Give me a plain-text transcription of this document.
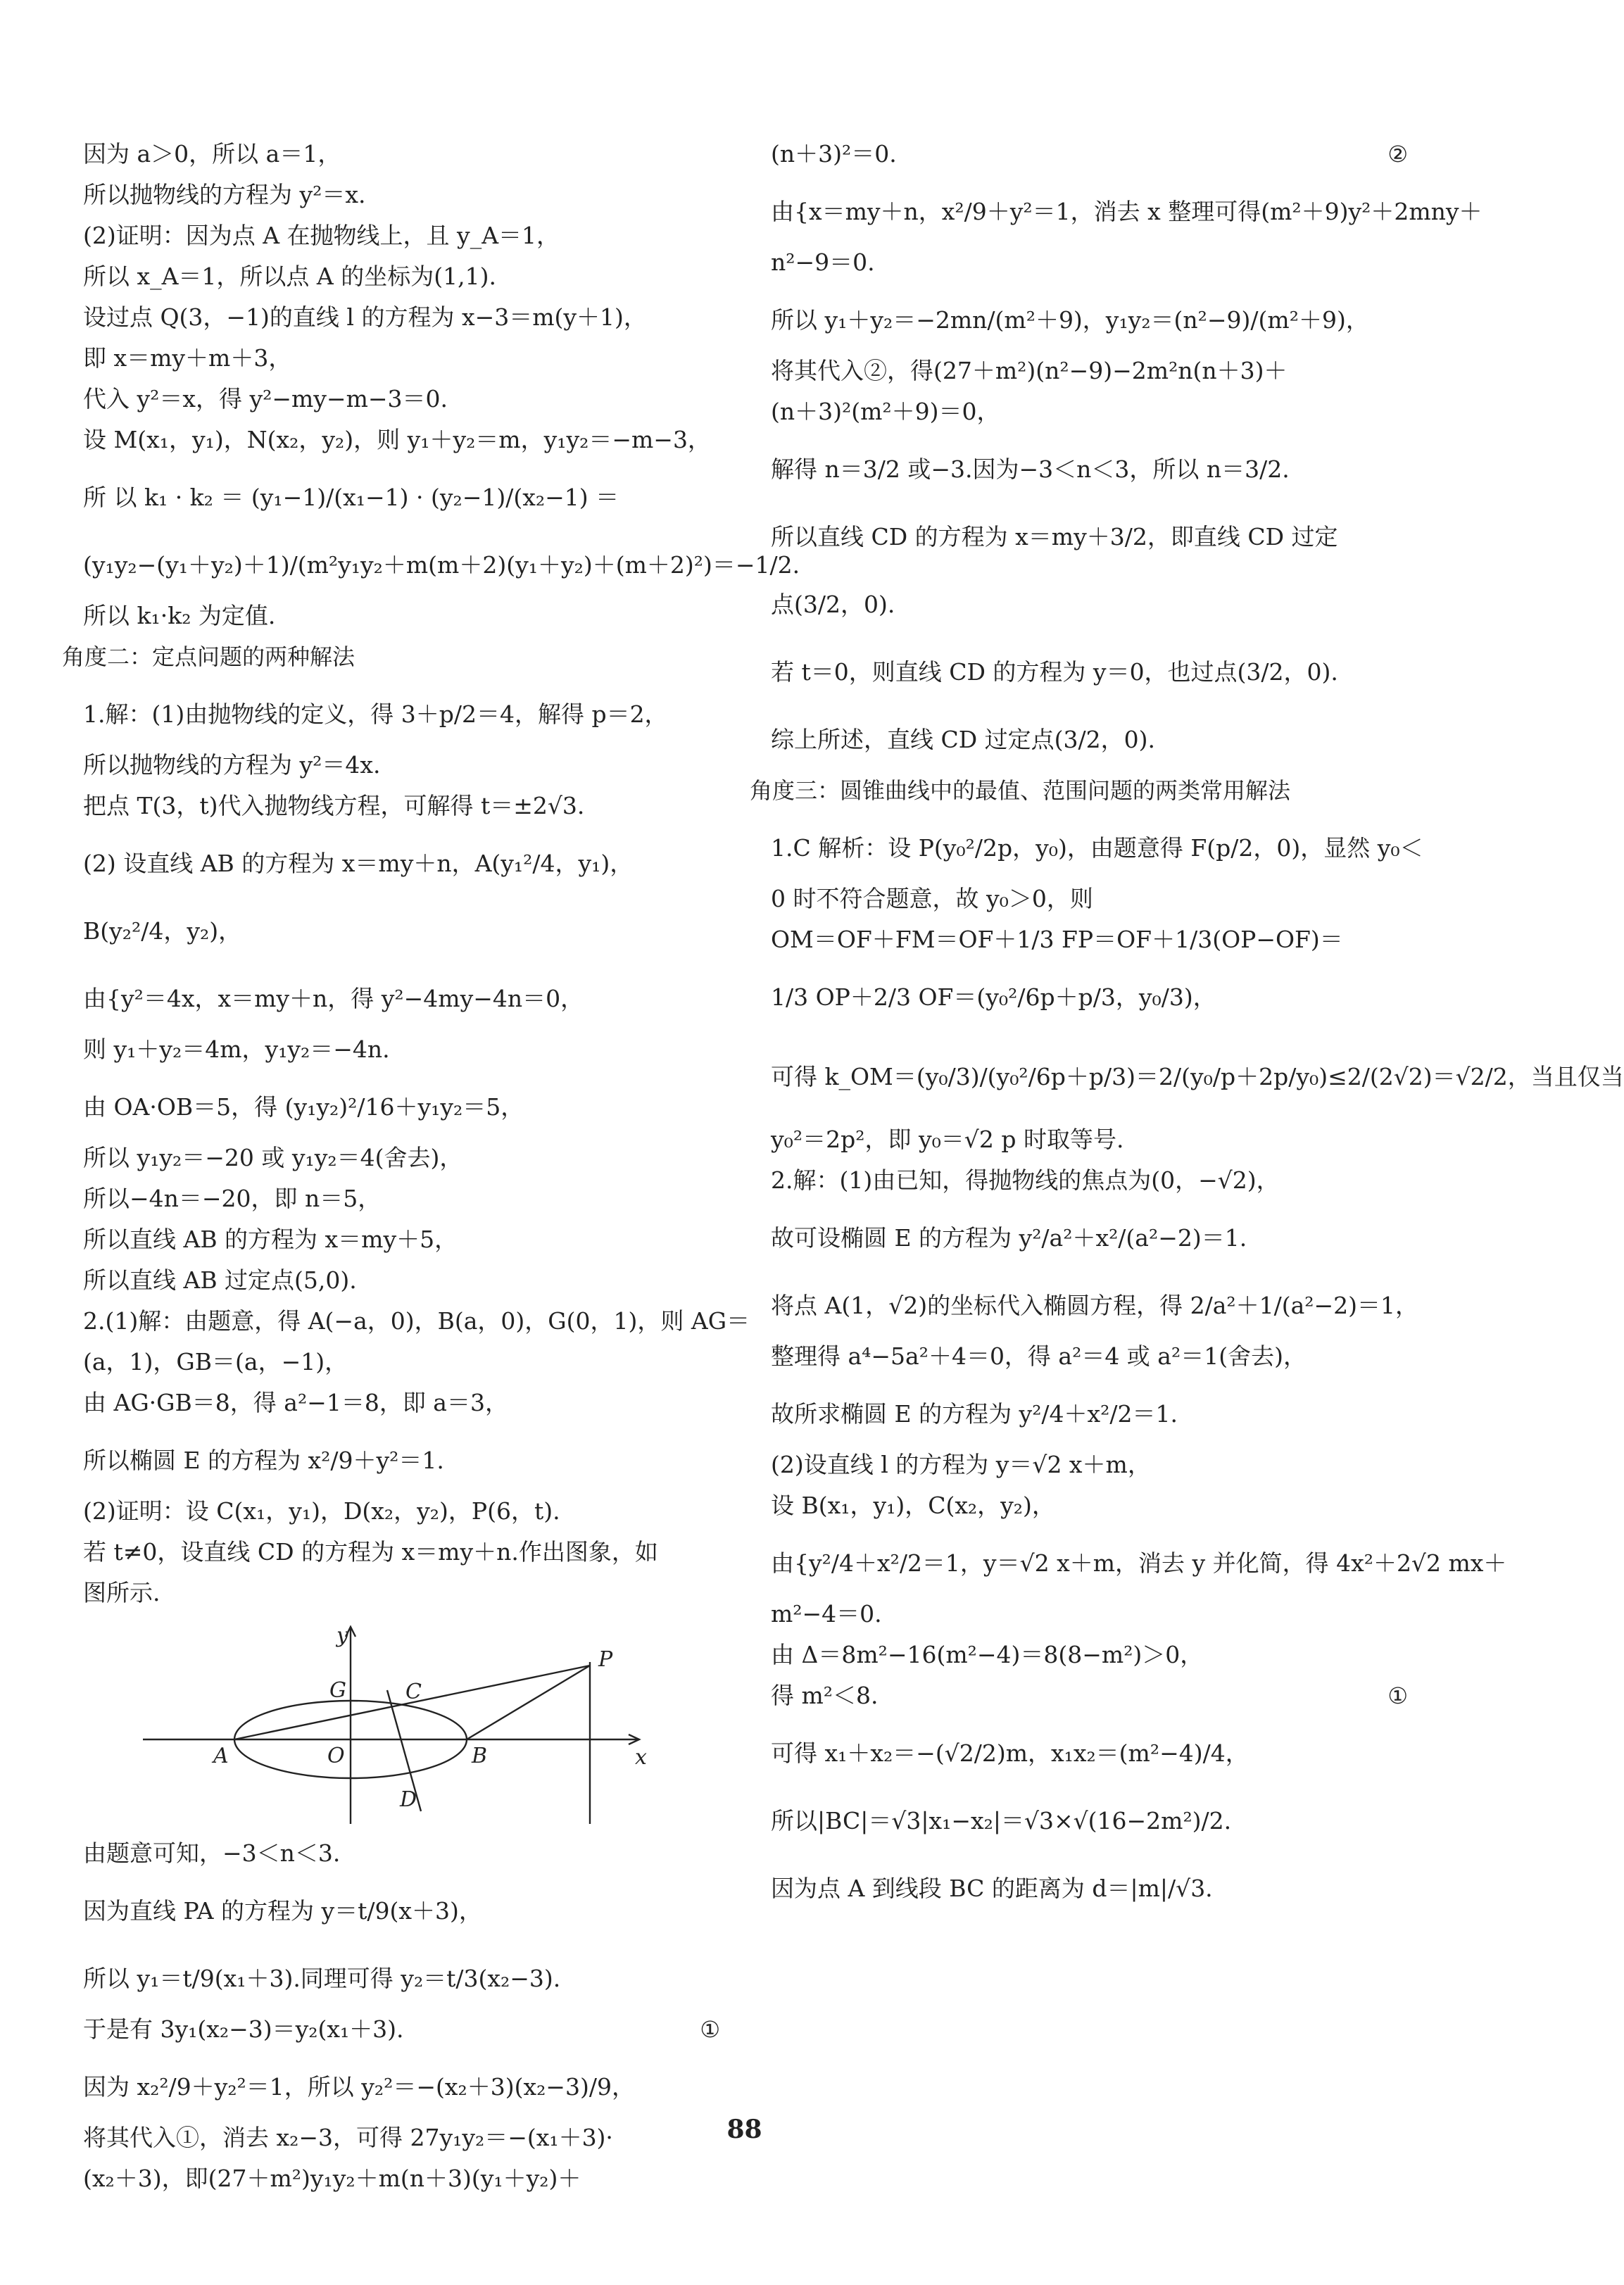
因为 a＞0，所以 a＝1，
所以抛物线的方程为 y²＝x.
(2)证明：因为点 A 在抛物线上，且 y_A＝1，
所以 x_A＝1，所以点 A 的坐标为(1,1).
设过点 Q(3，−1)的直线 l 的方程为 x−3＝m(y＋1)，
即 x＝my＋m＋3，
代入 y²＝x，得 y²−my−m−3＝0.
设 M(x₁，y₁)，N(x₂，y₂)，则 y₁＋y₂＝m，y₁y₂＝−m−3，
所 以 k₁ · k₂ ＝ (y₁−1)/(x₁−1) · (y₂−1)/(x₂−1) ＝
(y₁y₂−(y₁＋y₂)＋1)/(m²y₁y₂＋m(m＋2)(y₁＋y₂)＋(m＋2)²)＝−1/2.
所以 k₁·k₂ 为定值.
角度二：定点问题的两种解法
1.解：(1)由抛物线的定义，得 3＋p/2＝4，解得 p＝2，
所以抛物线的方程为 y²＝4x.
把点 T(3，t)代入抛物线方程，可解得 t＝±2√3.
(2) 设直线 AB 的方程为 x＝my＋n，A(y₁²/4，y₁)，
B(y₂²/4，y₂)，
由{y²＝4x，x＝my＋n，得 y²−4my−4n＝0，
则 y₁＋y₂＝4m，y₁y₂＝−4n.
由 OA·OB＝5，得 (y₁y₂)²/16＋y₁y₂＝5，
所以 y₁y₂＝−20 或 y₁y₂＝4(舍去)，
所以−4n＝−20，即 n＝5，
所以直线 AB 的方程为 x＝my＋5，
所以直线 AB 过定点(5,0).
2.(1)解：由题意，得 A(−a，0)，B(a，0)，G(0，1)，则 AG＝
(a，1)，GB＝(a，−1)，
由 AG·GB＝8，得 a²−1＝8，即 a＝3，
所以椭圆 E 的方程为 x²/9＋y²＝1.
(2)证明：设 C(x₁，y₁)，D(x₂，y₂)，P(6，t).
若 t≠0，设直线 CD 的方程为 x＝my＋n.作出图象，如
图所示.
y
G	C
P
A	O	B	x
D
由题意可知，−3＜n＜3.
因为直线 PA 的方程为 y＝t/9(x＋3)，
所以 y₁＝t/9(x₁＋3).同理可得 y₂＝t/3(x₂−3).
于是有 3y₁(x₂−3)＝y₂(x₁＋3).	①
因为 x₂²/9＋y₂²＝1，所以 y₂²＝−(x₂＋3)(x₂−3)/9，
将其代入①，消去 x₂−3，可得 27y₁y₂＝−(x₁＋3)·
(x₂＋3)，即(27＋m²)y₁y₂＋m(n＋3)(y₁＋y₂)＋
(n＋3)²＝0.	②
由{x＝my＋n，x²/9＋y²＝1，消去 x 整理可得(m²＋9)y²＋2mny＋
n²−9＝0.
所以 y₁＋y₂＝−2mn/(m²＋9)，y₁y₂＝(n²−9)/(m²＋9)，
将其代入②，得(27＋m²)(n²−9)−2m²n(n＋3)＋
(n＋3)²(m²＋9)＝0，
解得 n＝3/2 或−3.因为−3＜n＜3，所以 n＝3/2.
所以直线 CD 的方程为 x＝my＋3/2，即直线 CD 过定
点(3/2，0).
若 t＝0，则直线 CD 的方程为 y＝0，也过点(3/2，0).
综上所述，直线 CD 过定点(3/2，0).
角度三：圆锥曲线中的最值、范围问题的两类常用解法
1.C 解析：设 P(y₀²/2p，y₀)，由题意得 F(p/2，0)，显然 y₀＜
0 时不符合题意，故 y₀＞0，则
OM＝OF＋FM＝OF＋1/3 FP＝OF＋1/3(OP−OF)＝
1/3 OP＋2/3 OF＝(y₀²/6p＋p/3，y₀/3)，
可得 k_OM＝(y₀/3)/(y₀²/6p＋p/3)＝2/(y₀/p＋2p/y₀)≤2/(2√2)＝√2/2，当且仅当
y₀²＝2p²，即 y₀＝√2 p 时取等号.
2.解：(1)由已知，得抛物线的焦点为(0，−√2)，
故可设椭圆 E 的方程为 y²/a²＋x²/(a²−2)＝1.
将点 A(1，√2)的坐标代入椭圆方程，得 2/a²＋1/(a²−2)＝1，
整理得 a⁴−5a²＋4＝0，得 a²＝4 或 a²＝1(舍去)，
故所求椭圆 E 的方程为 y²/4＋x²/2＝1.
(2)设直线 l 的方程为 y＝√2 x＋m，
设 B(x₁，y₁)，C(x₂，y₂)，
由{y²/4＋x²/2＝1，y＝√2 x＋m，消去 y 并化简，得 4x²＋2√2 mx＋
m²−4＝0.
由 Δ＝8m²−16(m²−4)＝8(8−m²)＞0，
得 m²＜8.	①
可得 x₁＋x₂＝−(√2/2)m，x₁x₂＝(m²−4)/4，
所以|BC|＝√3|x₁−x₂|＝√3×√(16−2m²)/2.
因为点 A 到线段 BC 的距离为 d＝|m|/√3.
88
